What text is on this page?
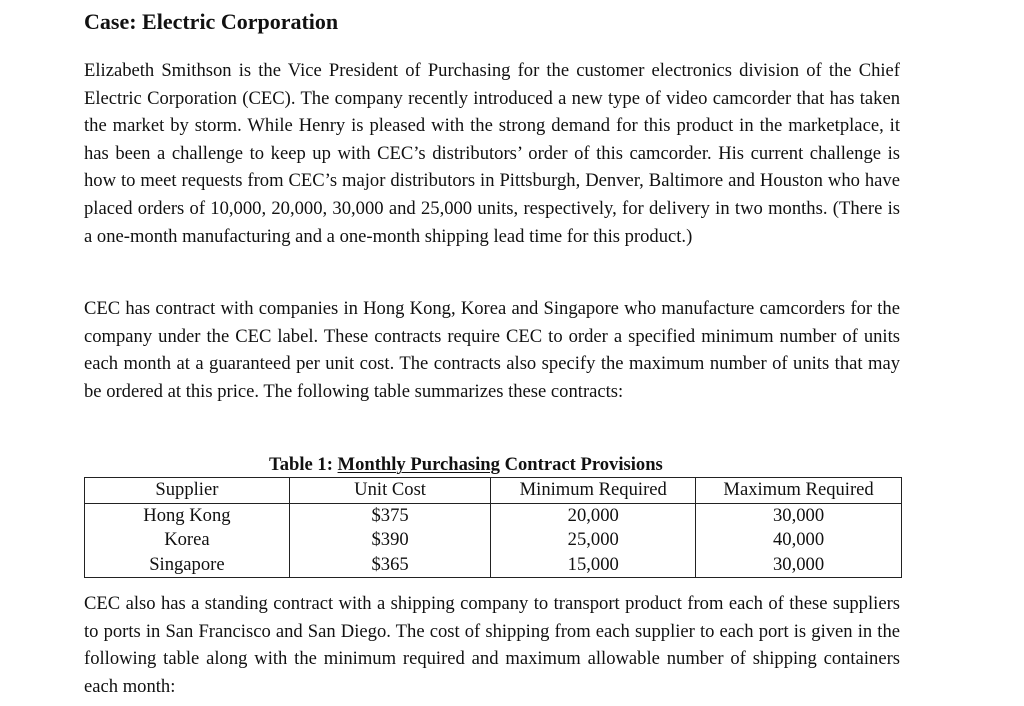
Case: Electric Corporation

Elizabeth Smithson is the Vice President of Purchasing for the customer electronics division of the Chief Electric Corporation (CEC). The company recently introduced a new type of video camcorder that has taken the market by storm. While Henry is pleased with the strong demand for this product in the marketplace, it has been a challenge to keep up with CEC’s distributors’ order of this camcorder. His current challenge is how to meet requests from CEC’s major distributors in Pittsburgh, Denver, Baltimore and Houston who have placed orders of 10,000, 20,000, 30,000 and 25,000 units, respectively, for delivery in two months. (There is a one-month manufacturing and a one-month shipping lead time for this product.)

CEC has contract with companies in Hong Kong, Korea and Singapore who manufacture camcorders for the company under the CEC label. These contracts require CEC to order a specified minimum number of units each month at a guaranteed per unit cost. The contracts also specify the maximum number of units that may be ordered at this price. The following table summarizes these contracts:

Table 1: Monthly Purchasing Contract Provisions
Supplier	Unit Cost	Minimum Required	Maximum Required
Hong Kong	$375	20,000	30,000
Korea	$390	25,000	40,000
Singapore	$365	15,000	30,000

CEC also has a standing contract with a shipping company to transport product from each of these suppliers to ports in San Francisco and San Diego. The cost of shipping from each supplier to each port is given in the following table along with the minimum required and maximum allowable number of shipping containers each month:
